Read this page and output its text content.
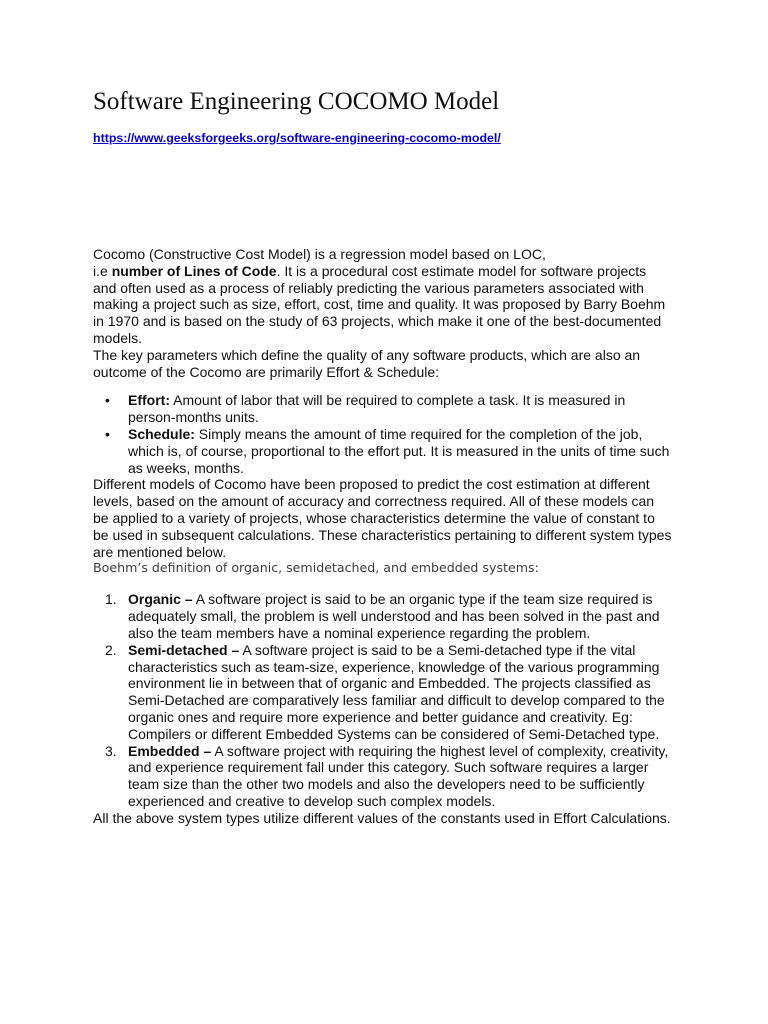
Software Engineering COCOMO Model
https://www.geeksforgeeks.org/software-engineering-cocomo-model/

Cocomo (Constructive Cost Model) is a regression model based on LOC,
i.e number of Lines of Code. It is a procedural cost estimate model for software projects and often used as a process of reliably predicting the various parameters associated with making a project such as size, effort, cost, time and quality. It was proposed by Barry Boehm in 1970 and is based on the study of 63 projects, which make it one of the best-documented models.

The key parameters which define the quality of any software products, which are also an outcome of the Cocomo are primarily Effort & Schedule:

• Effort: Amount of labor that will be required to complete a task. It is measured in person-months units.
• Schedule: Simply means the amount of time required for the completion of the job, which is, of course, proportional to the effort put. It is measured in the units of time such as weeks, months.

Different models of Cocomo have been proposed to predict the cost estimation at different levels, based on the amount of accuracy and correctness required. All of these models can be applied to a variety of projects, whose characteristics determine the value of constant to be used in subsequent calculations. These characteristics pertaining to different system types are mentioned below.

Boehm’s definition of organic, semidetached, and embedded systems:

1. Organic – A software project is said to be an organic type if the team size required is adequately small, the problem is well understood and has been solved in the past and also the team members have a nominal experience regarding the problem.
2. Semi-detached – A software project is said to be a Semi-detached type if the vital characteristics such as team-size, experience, knowledge of the various programming environment lie in between that of organic and Embedded. The projects classified as Semi-Detached are comparatively less familiar and difficult to develop compared to the organic ones and require more experience and better guidance and creativity. Eg: Compilers or different Embedded Systems can be considered of Semi-Detached type.
3. Embedded – A software project with requiring the highest level of complexity, creativity, and experience requirement fall under this category. Such software requires a larger team size than the other two models and also the developers need to be sufficiently experienced and creative to develop such complex models.

All the above system types utilize different values of the constants used in Effort Calculations.
